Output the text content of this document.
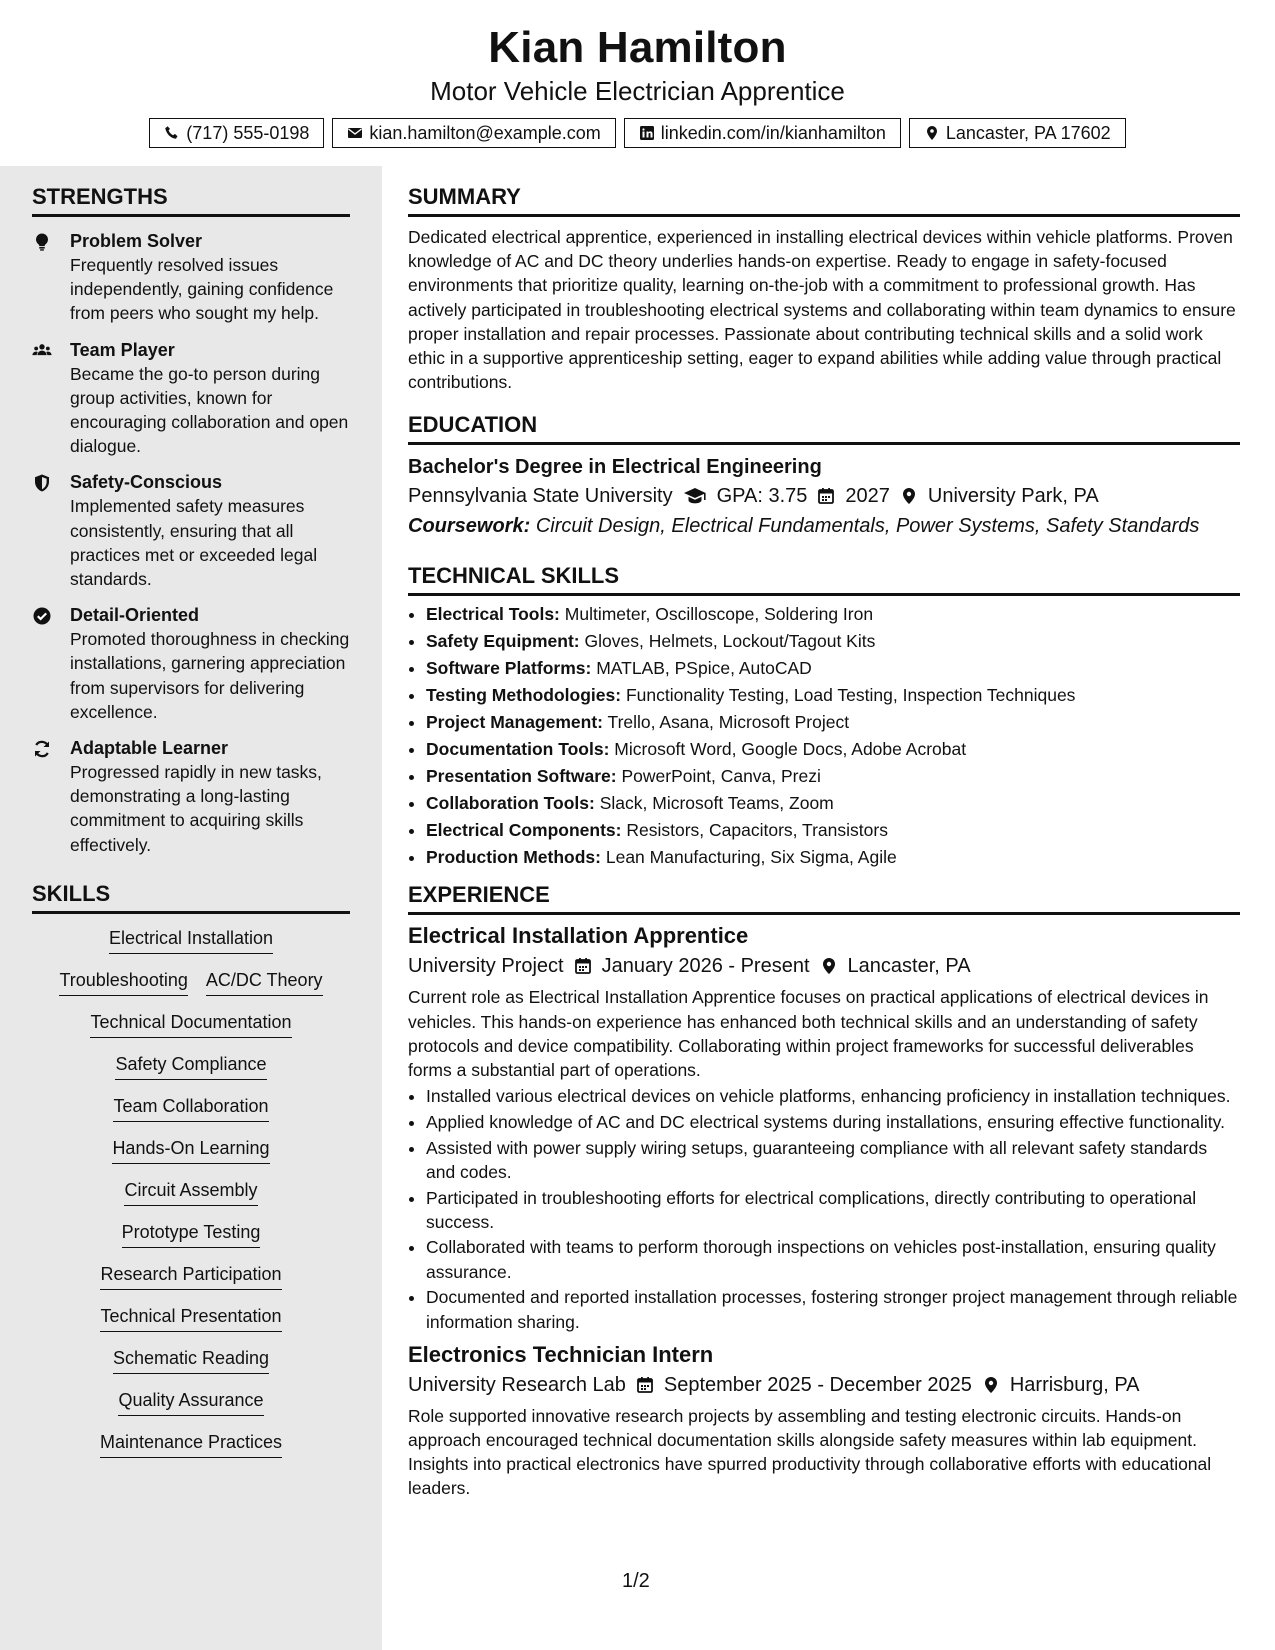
Kian Hamilton
Motor Vehicle Electrician Apprentice
(717) 555-0198	kian.hamilton@example.com	linkedin.com/in/kianhamilton	Lancaster, PA 17602
STRENGTHS
Problem Solver
Frequently resolved issues independently, gaining confidence from peers who sought my help.
Team Player
Became the go-to person during group activities, known for encouraging collaboration and open dialogue.
Safety-Conscious
Implemented safety measures consistently, ensuring that all practices met or exceeded legal standards.
Detail-Oriented
Promoted thoroughness in checking installations, garnering appreciation from supervisors for delivering excellence.
Adaptable Learner
Progressed rapidly in new tasks, demonstrating a long-lasting commitment to acquiring skills effectively.
SKILLS
Electrical Installation
Troubleshooting AC/DC Theory
Technical Documentation
Safety Compliance
Team Collaboration
Hands-On Learning
Circuit Assembly
Prototype Testing
Research Participation
Technical Presentation
Schematic Reading
Quality Assurance
Maintenance Practices
SUMMARY
Dedicated electrical apprentice, experienced in installing electrical devices within vehicle platforms. Proven knowledge of AC and DC theory underlies hands-on expertise. Ready to engage in safety-focused environments that prioritize quality, learning on-the-job with a commitment to professional growth. Has actively participated in troubleshooting electrical systems and collaborating within team dynamics to ensure proper installation and repair processes. Passionate about contributing technical skills and a solid work ethic in a supportive apprenticeship setting, eager to expand abilities while adding value through practical contributions.
EDUCATION
Bachelor's Degree in Electrical Engineering
Pennsylvania State University GPA: 3.75 2027 University Park, PA
Coursework: Circuit Design, Electrical Fundamentals, Power Systems, Safety Standards
TECHNICAL SKILLS
• Electrical Tools: Multimeter, Oscilloscope, Soldering Iron
• Safety Equipment: Gloves, Helmets, Lockout/Tagout Kits
• Software Platforms: MATLAB, PSpice, AutoCAD
• Testing Methodologies: Functionality Testing, Load Testing, Inspection Techniques
• Project Management: Trello, Asana, Microsoft Project
• Documentation Tools: Microsoft Word, Google Docs, Adobe Acrobat
• Presentation Software: PowerPoint, Canva, Prezi
• Collaboration Tools: Slack, Microsoft Teams, Zoom
• Electrical Components: Resistors, Capacitors, Transistors
• Production Methods: Lean Manufacturing, Six Sigma, Agile
EXPERIENCE
Electrical Installation Apprentice
University Project January 2026 - Present Lancaster, PA
Current role as Electrical Installation Apprentice focuses on practical applications of electrical devices in vehicles. This hands-on experience has enhanced both technical skills and an understanding of safety protocols and device compatibility. Collaborating within project frameworks for successful deliverables forms a substantial part of operations.
• Installed various electrical devices on vehicle platforms, enhancing proficiency in installation techniques.
• Applied knowledge of AC and DC electrical systems during installations, ensuring effective functionality.
• Assisted with power supply wiring setups, guaranteeing compliance with all relevant safety standards and codes.
• Participated in troubleshooting efforts for electrical complications, directly contributing to operational success.
• Collaborated with teams to perform thorough inspections on vehicles post-installation, ensuring quality assurance.
• Documented and reported installation processes, fostering stronger project management through reliable information sharing.
Electronics Technician Intern
University Research Lab September 2025 - December 2025 Harrisburg, PA
Role supported innovative research projects by assembling and testing electronic circuits. Hands-on approach encouraged technical documentation skills alongside safety measures within lab equipment. Insights into practical electronics have spurred productivity through collaborative efforts with educational leaders.
1/2
